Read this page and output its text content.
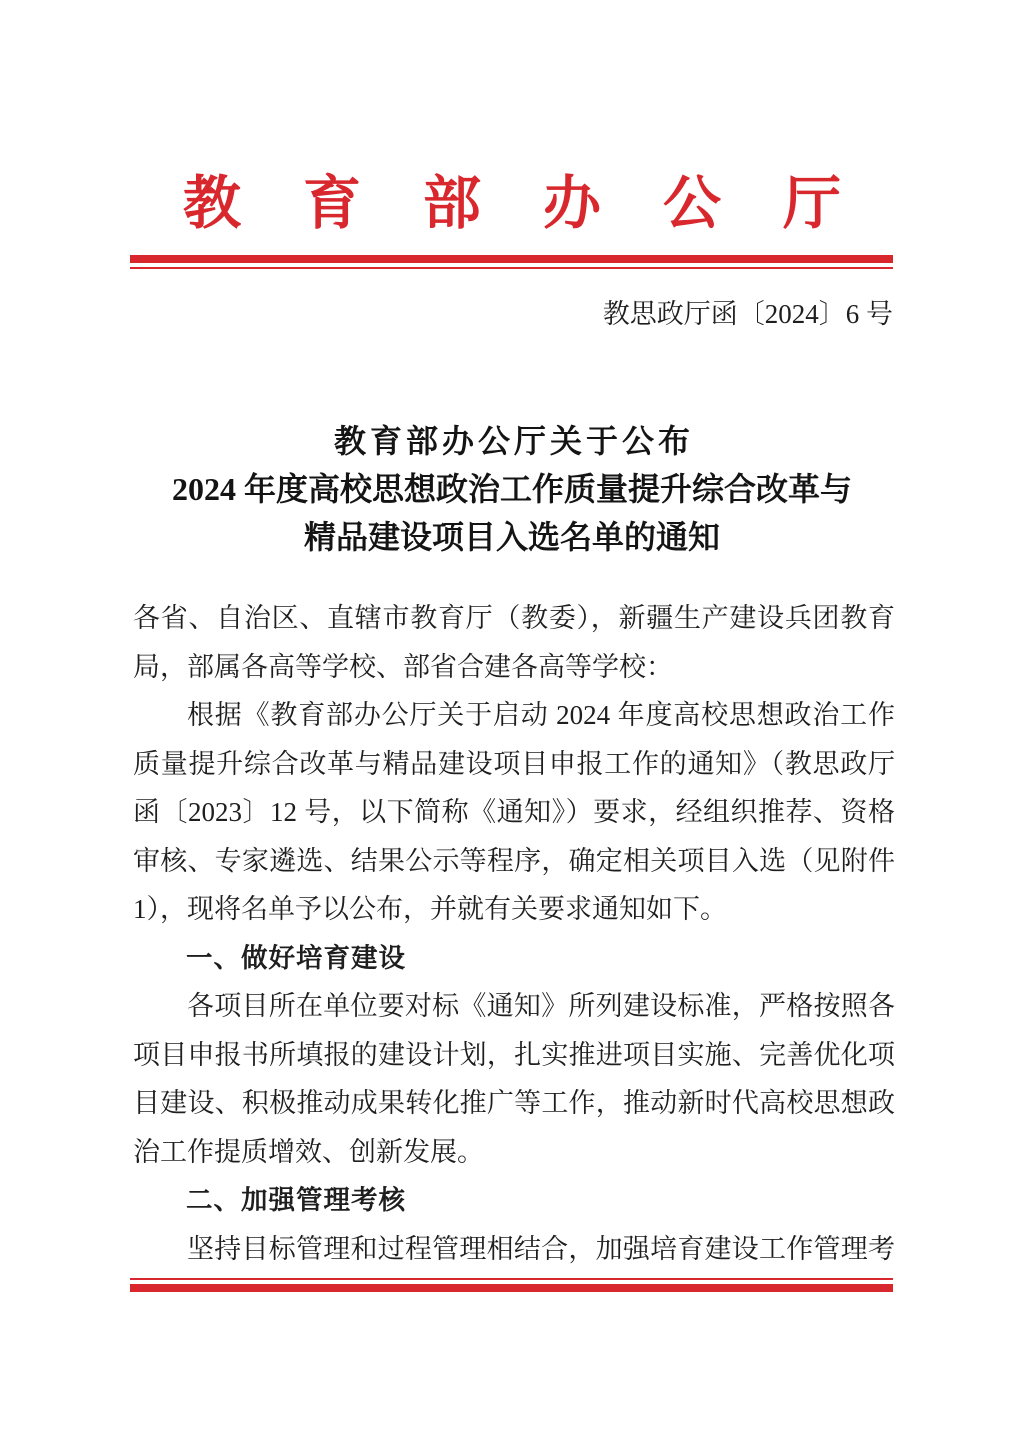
教育部办公厅
教思政厅函〔2024〕6 号
教育部办公厅关于公布
2024 年度高校思想政治工作质量提升综合改革与
精品建设项目入选名单的通知
各省、自治区、直辖市教育厅（教委），新疆生产建设兵团教育
局，部属各高等学校、部省合建各高等学校：
根据《教育部办公厅关于启动 2024 年度高校思想政治工作
质量提升综合改革与精品建设项目申报工作的通知》（教思政厅
函〔2023〕12 号，以下简称《通知》）要求，经组织推荐、资格
审核、专家遴选、结果公示等程序，确定相关项目入选（见附件
1），现将名单予以公布，并就有关要求通知如下。
一、做好培育建设
各项目所在单位要对标《通知》所列建设标准，严格按照各
项目申报书所填报的建设计划，扎实推进项目实施、完善优化项
目建设、积极推动成果转化推广等工作，推动新时代高校思想政
治工作提质增效、创新发展。
二、加强管理考核
坚持目标管理和过程管理相结合，加强培育建设工作管理考
